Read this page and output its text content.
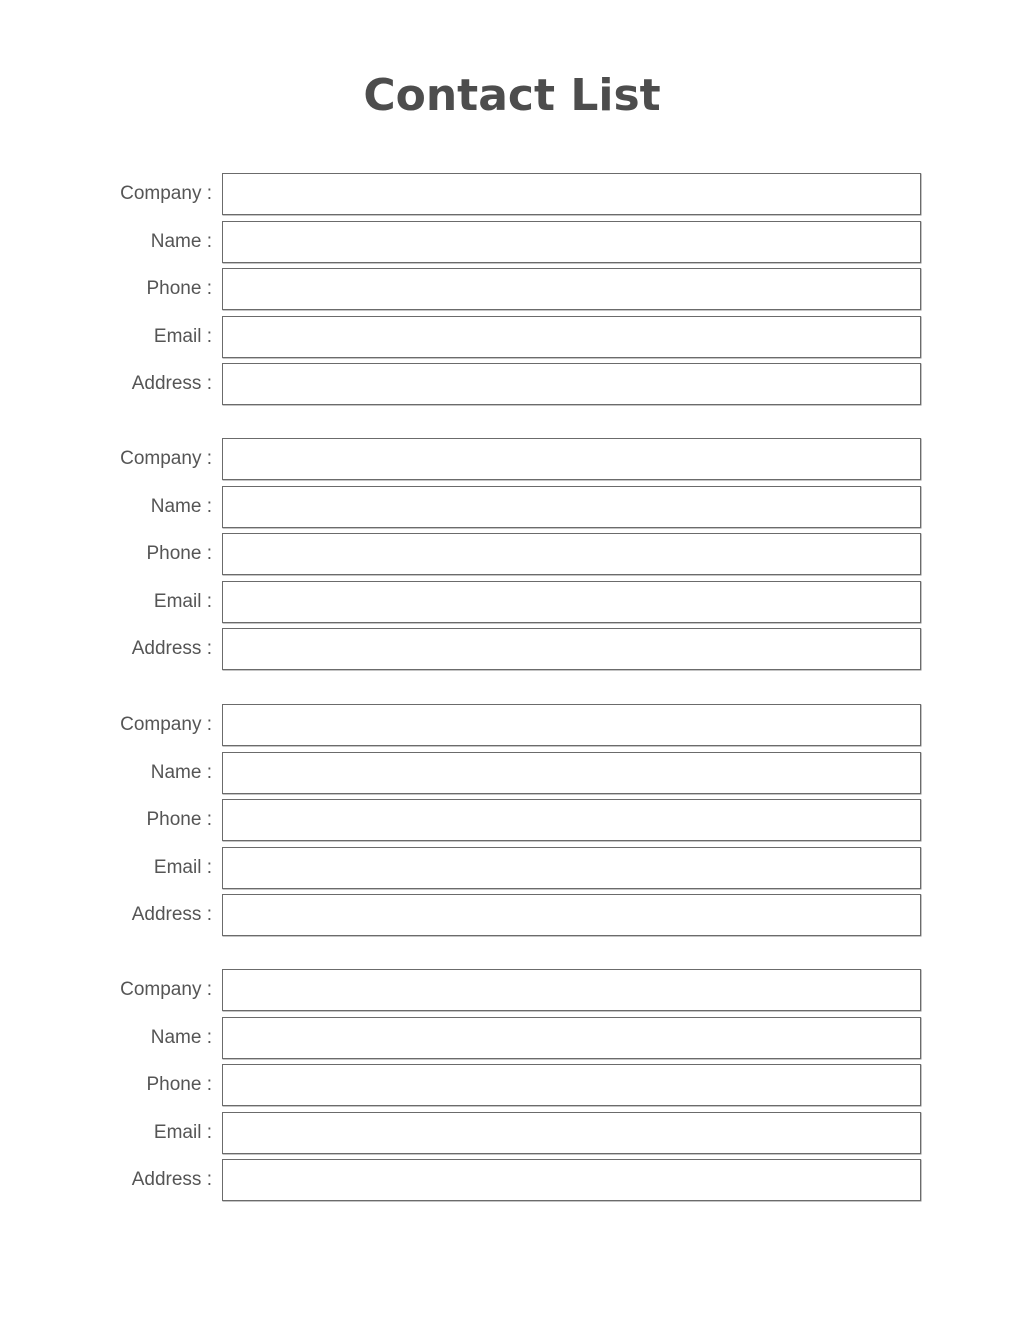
Contact List
Company :
Name :
Phone :
Email :
Address :
Company :
Name :
Phone :
Email :
Address :
Company :
Name :
Phone :
Email :
Address :
Company :
Name :
Phone :
Email :
Address :
